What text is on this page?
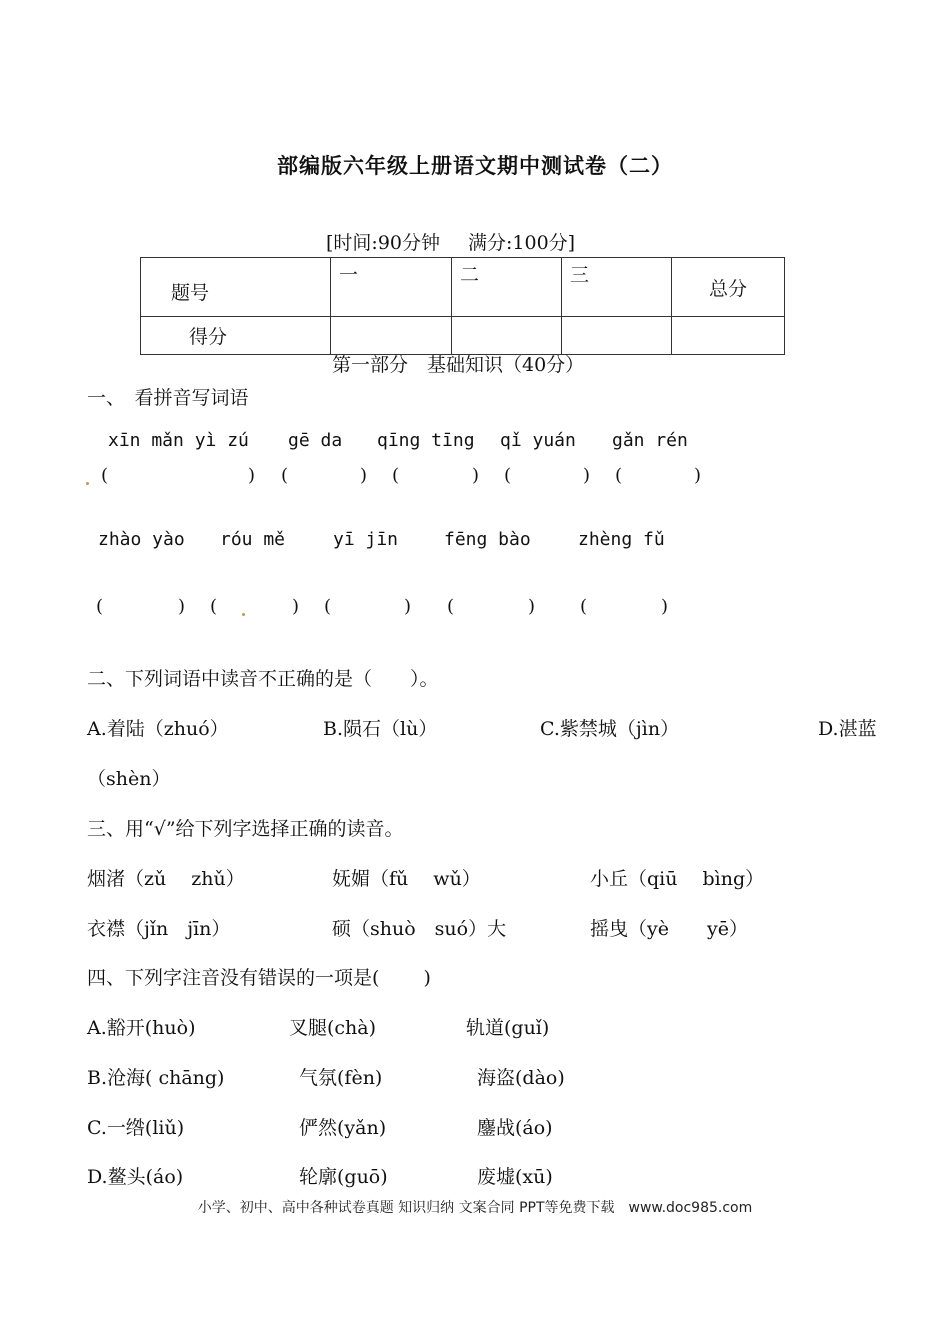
部编版六年级上册语文期中测试卷（二）
[时间:90分钟 满分:100分]
题号	一	二	三	总分
得分				
第一部分　基础知识（40分）
一、　看拼音写词语
xīn mǎn yì zú gē da qīng tīng qǐ yuán gǎn rén
(	) (	) (	) (	) (	)
zhào yào róu mě	yī jīn	fēng bào	zhèng fǔ
(	) (	) (	) (	) (	)
二、下列词语中读音不正确的是（　　）。
A.着陆（zhuó）	B.陨石（lù）	C.紫禁城（jìn）	D.湛蓝
（shèn）
三、用“√”给下列字选择正确的读音。
烟渚（zǔ　 zhǔ）	妩媚（fǔ　 wǔ）	小丘（qiū　 bìng）
衣襟（jǐn　jīn）	硕（shuò　suó）大	摇曳（yè　　yē）
四、下列字注音没有错误的一项是(　　 )
A.豁开(huò)	叉腿(chà)	轨道(guǐ)
B.沧海( chāng)	气氛(fèn)	海盗(dào)
C.一绺(liǔ)	俨然(yǎn)	鏖战(áo)
D.鳌头(áo)	轮廓(guō)	废墟(xū)
小学、初中、高中各种试卷真题 知识归纳 文案合同 PPT等免费下载　www.doc985.com
